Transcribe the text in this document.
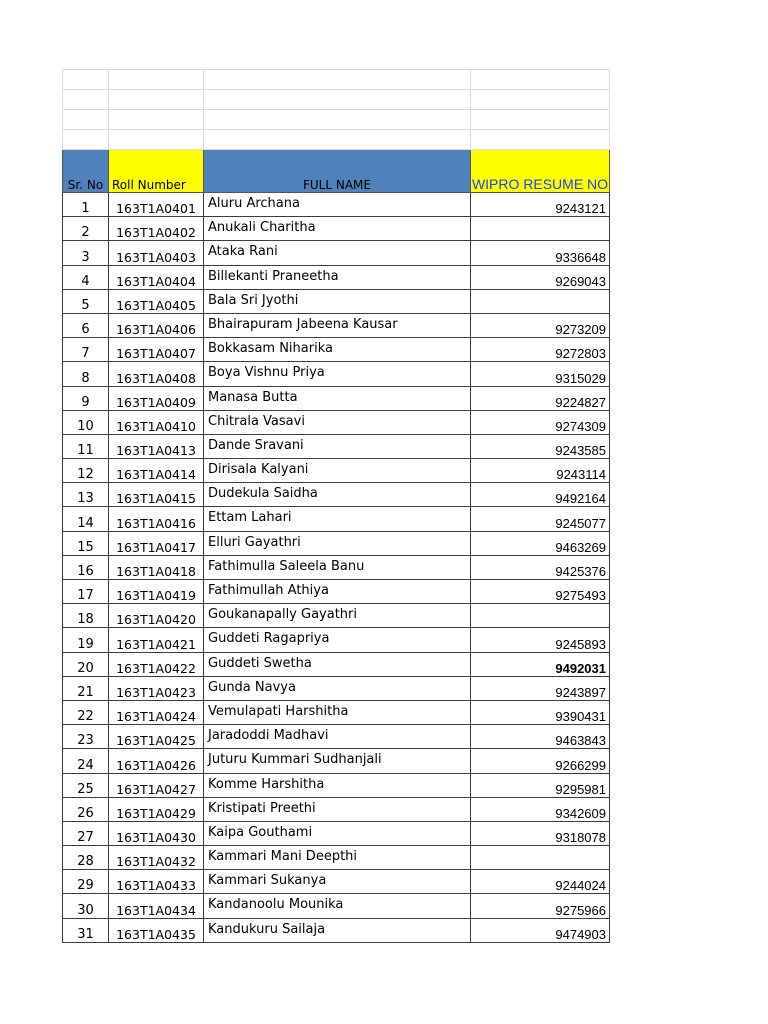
Sr. No	Roll Number	FULL NAME	WIPRO RESUME NO
1	163T1A0401	Aluru Archana	9243121
2	163T1A0402	Anukali Charitha	
3	163T1A0403	Ataka Rani	9336648
4	163T1A0404	Billekanti Praneetha	9269043
5	163T1A0405	Bala Sri Jyothi	
6	163T1A0406	Bhairapuram Jabeena Kausar	9273209
7	163T1A0407	Bokkasam Niharika	9272803
8	163T1A0408	Boya Vishnu Priya	9315029
9	163T1A0409	Manasa Butta	9224827
10	163T1A0410	Chitrala Vasavi	9274309
11	163T1A0413	Dande Sravani	9243585
12	163T1A0414	Dirisala Kalyani	9243114
13	163T1A0415	Dudekula Saidha	9492164
14	163T1A0416	Ettam Lahari	9245077
15	163T1A0417	Elluri Gayathri	9463269
16	163T1A0418	Fathimulla Saleela Banu	9425376
17	163T1A0419	Fathimullah Athiya	9275493
18	163T1A0420	Goukanapally Gayathri	
19	163T1A0421	Guddeti Ragapriya	9245893
20	163T1A0422	Guddeti Swetha	9492031
21	163T1A0423	Gunda Navya	9243897
22	163T1A0424	Vemulapati Harshitha	9390431
23	163T1A0425	Jaradoddi Madhavi	9463843
24	163T1A0426	Juturu Kummari Sudhanjali	9266299
25	163T1A0427	Komme Harshitha	9295981
26	163T1A0429	Kristipati Preethi	9342609
27	163T1A0430	Kaipa Gouthami	9318078
28	163T1A0432	Kammari Mani Deepthi	
29	163T1A0433	Kammari Sukanya	9244024
30	163T1A0434	Kandanoolu Mounika	9275966
31	163T1A0435	Kandukuru Sailaja	9474903
